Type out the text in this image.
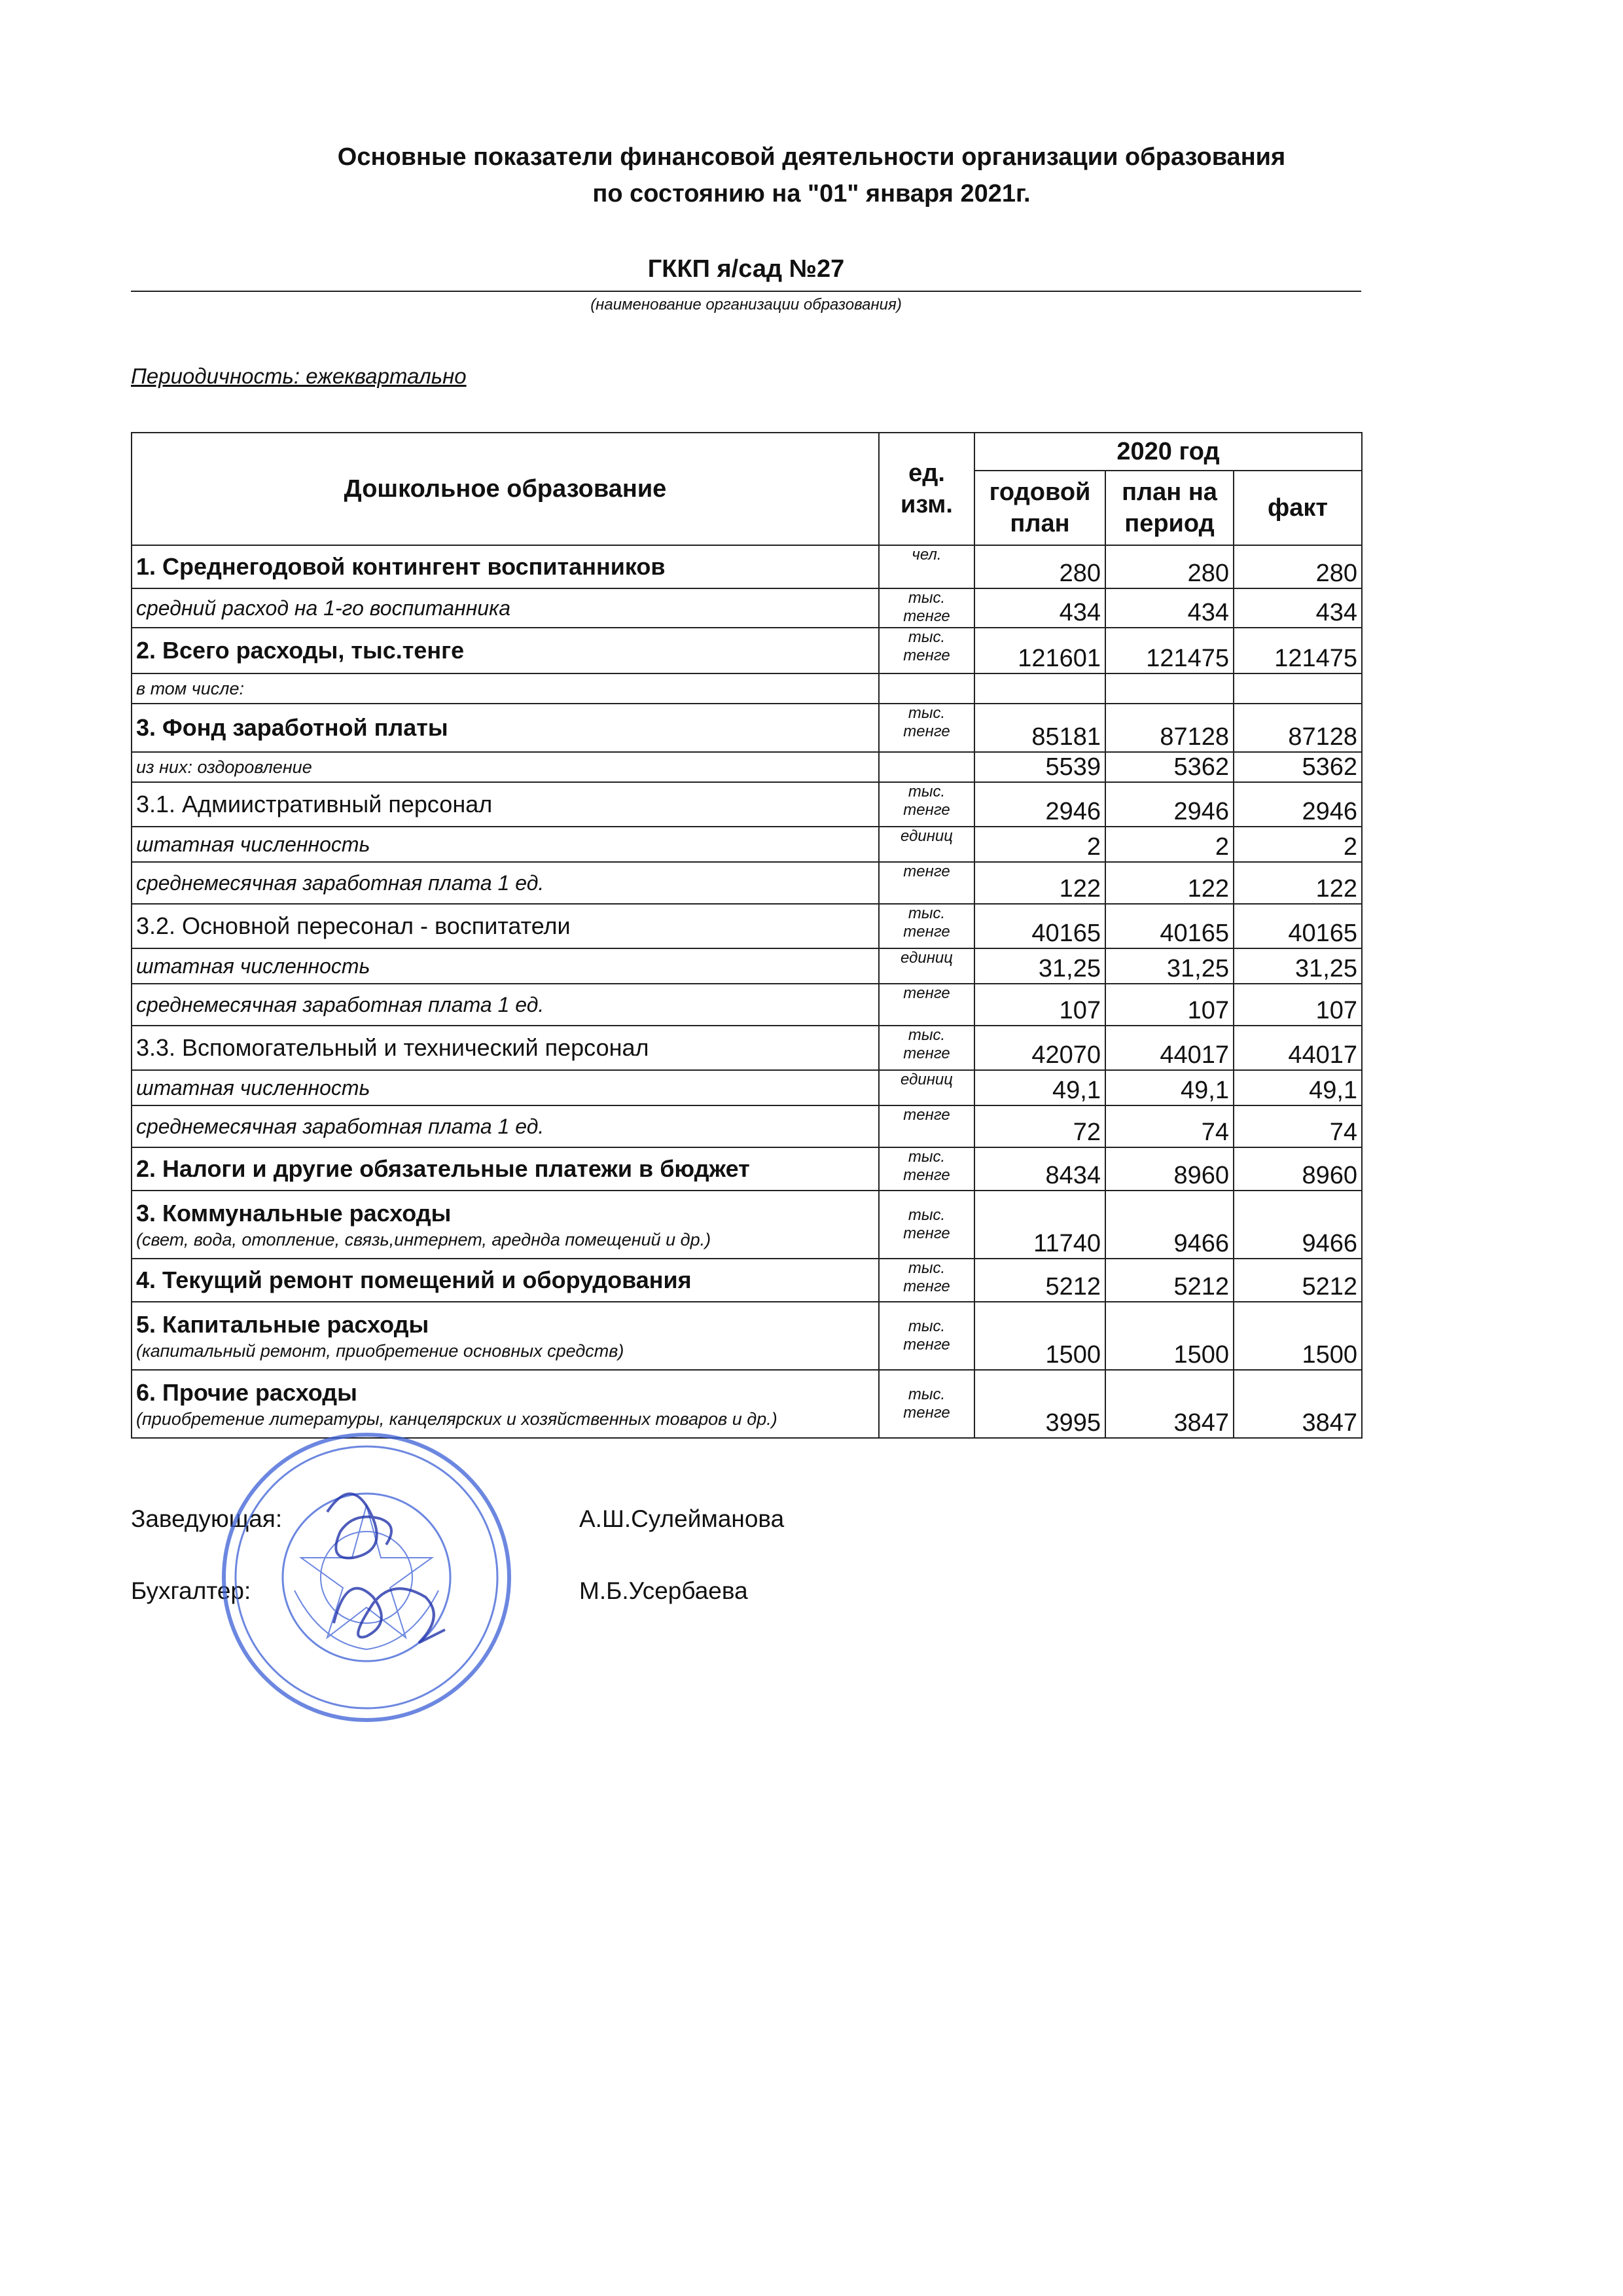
Основные показатели финансовой деятельности организации образования
по состоянию на "01" января 2021г.
ГККП я/сад №27
(наименование организации образования)
Периодичность: ежеквартально
Дошкольное образование	ед. изм.	2020 год		
		годовой план	план на период	факт
1. Среднегодовой контингент воспитанников	чел.	280	280	280
средний расход на 1-го воспитанника	тыс. тенге	434	434	434
2. Всего расходы, тыс.тенге	тыс. тенге	121601	121475	121475
в том числе:				
3. Фонд заработной платы	тыс. тенге	85181	87128	87128
из них: оздоровление		5539	5362	5362
3.1. Адмиистративный персонал	тыс. тенге	2946	2946	2946
штатная численность	единиц	2	2	2
среднемесячная заработная плата 1 ед.	тенге	122	122	122
3.2. Основной пересонал - воспитатели	тыс. тенге	40165	40165	40165
штатная численность	единиц	31,25	31,25	31,25
среднемесячная заработная плата 1 ед.	тенге	107	107	107
3.3. Вспомогательный и технический персонал	тыс. тенге	42070	44017	44017
штатная численность	единиц	49,1	49,1	49,1
среднемесячная заработная плата 1 ед.	тенге	72	74	74
2. Налоги и другие обязательные платежи в бюджет	тыс. тенге	8434	8960	8960

3. Коммунальные расходы
(свет, вода, отопление, связь,интернет, ареднда помещений и др.)	тыс. тенге	11740	9466	9466
4. Текущий ремонт помещений и оборудования	тыс. тенге	5212	5212	5212

5. Капитальные расходы
(капитальный ремонт, приобретение основных средств)	тыс. тенге	1500	1500	1500

6. Прочие расходы
(приобретение литературы, канцелярских и хозяйственных товаров и др.)	тыс. тенге	3995	3847	3847
Заведующая:	А.Ш.Сулейманова
Бухгалтер:	М.Б.Усербаева
